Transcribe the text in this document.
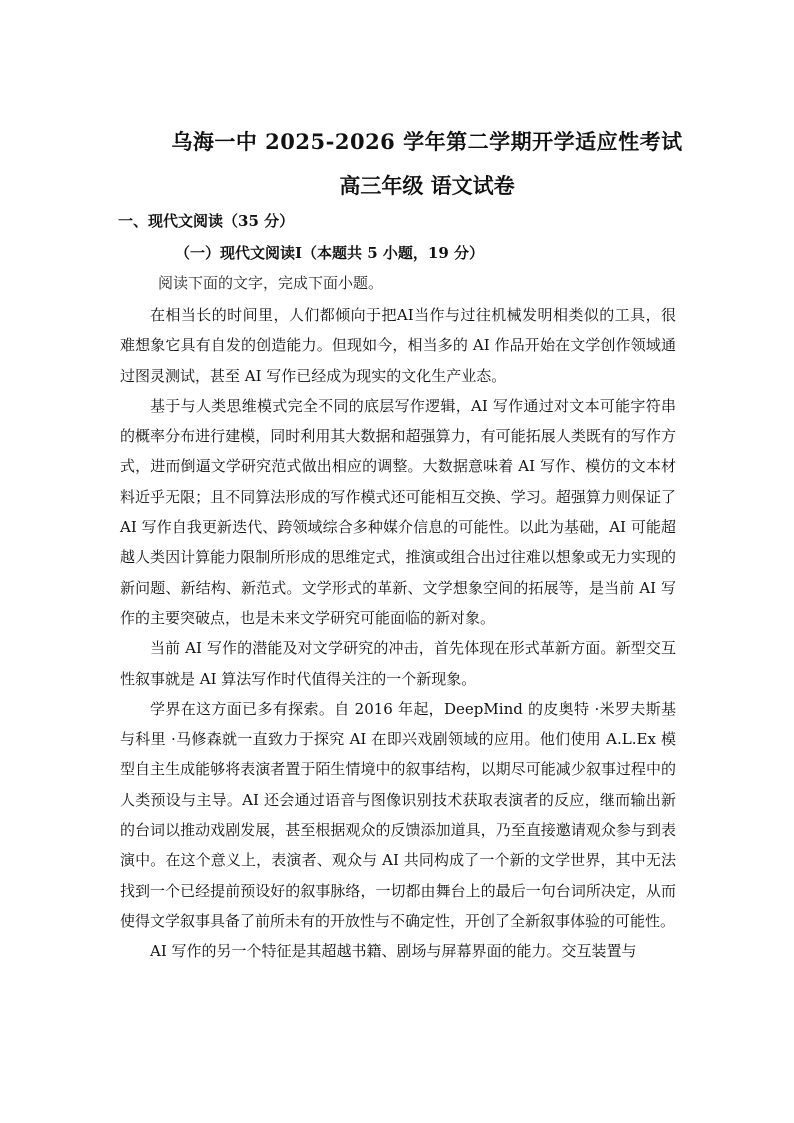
乌海一中 2025-2026 学年第二学期开学适应性考试
高三年级 语文试卷
一、现代文阅读（35 分）
（一）现代文阅读Ⅰ（本题共 5 小题，19 分）
阅读下面的文字，完成下面小题。

在相当长的时间里，人们都倾向于把AI当作与过往机械发明相类似的工具，很难想象它具有自发的创造能力。但现如今，相当多的 AI 作品开始在文学创作领域通过图灵测试，甚至 AI 写作已经成为现实的文化生产业态。

基于与人类思维模式完全不同的底层写作逻辑，AI 写作通过对文本可能字符串的概率分布进行建模，同时利用其大数据和超强算力，有可能拓展人类既有的写作方式，进而倒逼文学研究范式做出相应的调整。大数据意味着 AI 写作、模仿的文本材料近乎无限；且不同算法形成的写作模式还可能相互交换、学习。超强算力则保证了 AI 写作自我更新迭代、跨领域综合多种媒介信息的可能性。以此为基础，AI 可能超越人类因计算能力限制所形成的思维定式，推演或组合出过往难以想象或无力实现的新问题、新结构、新范式。文学形式的革新、文学想象空间的拓展等，是当前 AI 写作的主要突破点，也是未来文学研究可能面临的新对象。

当前 AI 写作的潜能及对文学研究的冲击，首先体现在形式革新方面。新型交互性叙事就是 AI 算法写作时代值得关注的一个新现象。

学界在这方面已多有探索。自 2016 年起，DeepMind 的皮奥特 ·米罗夫斯基与科里 ·马修森就一直致力于探究 AI 在即兴戏剧领域的应用。他们使用 A.L.Ex 模型自主生成能够将表演者置于陌生情境中的叙事结构，以期尽可能减少叙事过程中的人类预设与主导。AI 还会通过语音与图像识别技术获取表演者的反应，继而输出新的台词以推动戏剧发展，甚至根据观众的反馈添加道具，乃至直接邀请观众参与到表演中。在这个意义上，表演者、观众与 AI 共同构成了一个新的文学世界，其中无法找到一个已经提前预设好的叙事脉络，一切都由舞台上的最后一句台词所决定，从而使得文学叙事具备了前所未有的开放性与不确定性，开创了全新叙事体验的可能性。

AI 写作的另一个特征是其超越书籍、剧场与屏幕界面的能力。交互装置与
